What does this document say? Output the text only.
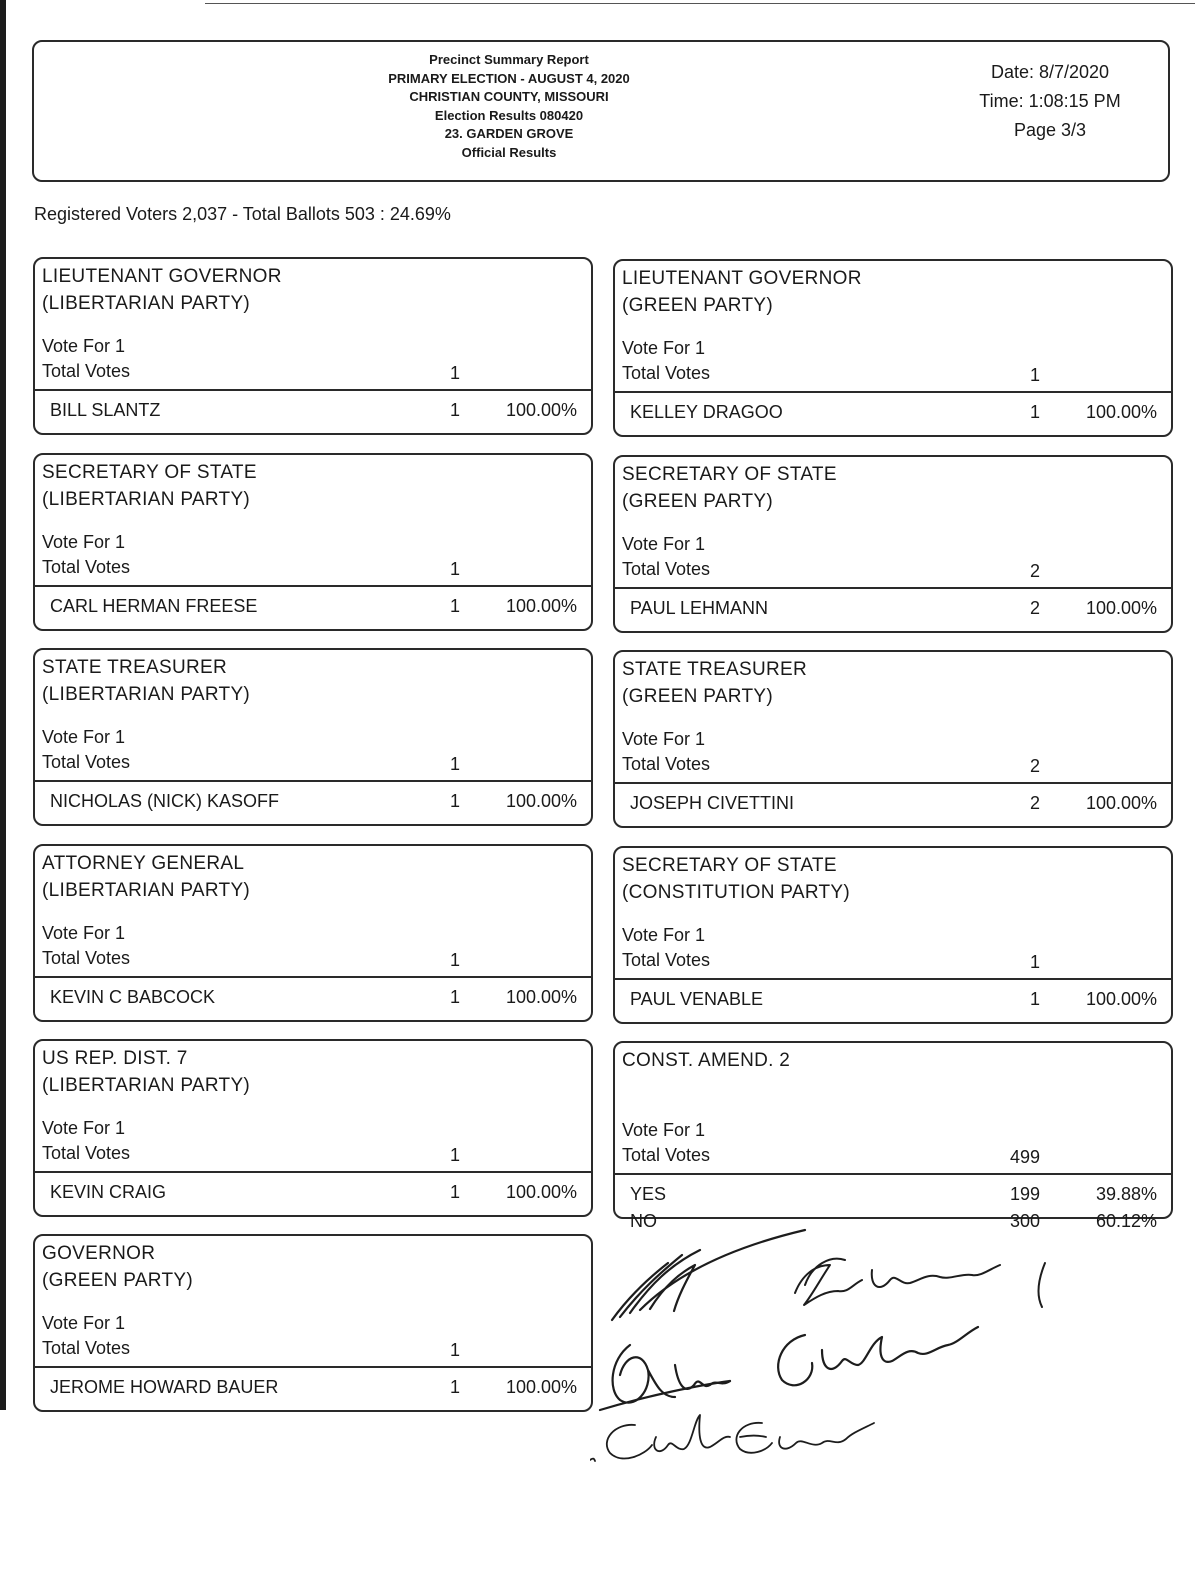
Precinct Summary Report
PRIMARY ELECTION - AUGUST 4, 2020
CHRISTIAN COUNTY, MISSOURI
Election Results 080420
23. GARDEN GROVE
Official Results
Date: 8/7/2020
Time: 1:08:15 PM
Page 3/3
Registered Voters 2,037 - Total Ballots 503 : 24.69%
LIEUTENANT GOVERNOR
(LIBERTARIAN PARTY)
Vote For 1
Total Votes	1
BILL SLANTZ	1	100.00%
LIEUTENANT GOVERNOR
(GREEN PARTY)
Vote For 1
Total Votes	1
KELLEY DRAGOO	1	100.00%
SECRETARY OF STATE
(LIBERTARIAN PARTY)
Vote For 1
Total Votes	1
CARL HERMAN FREESE	1	100.00%
SECRETARY OF STATE
(GREEN PARTY)
Vote For 1
Total Votes	2
PAUL LEHMANN	2	100.00%
STATE TREASURER
(LIBERTARIAN PARTY)
Vote For 1
Total Votes	1
NICHOLAS (NICK) KASOFF	1	100.00%
STATE TREASURER
(GREEN PARTY)
Vote For 1
Total Votes	2
JOSEPH CIVETTINI	2	100.00%
ATTORNEY GENERAL
(LIBERTARIAN PARTY)
Vote For 1
Total Votes	1
KEVIN C BABCOCK	1	100.00%
SECRETARY OF STATE
(CONSTITUTION PARTY)
Vote For 1
Total Votes	1
PAUL VENABLE	1	100.00%
US REP. DIST. 7
(LIBERTARIAN PARTY)
Vote For 1
Total Votes	1
KEVIN CRAIG	1	100.00%
CONST. AMEND. 2
Vote For 1
Total Votes	499
YES	199	39.88%
NO	300	60.12%
GOVERNOR
(GREEN PARTY)
Vote For 1
Total Votes	1
JEROME HOWARD BAUER	1	100.00%
